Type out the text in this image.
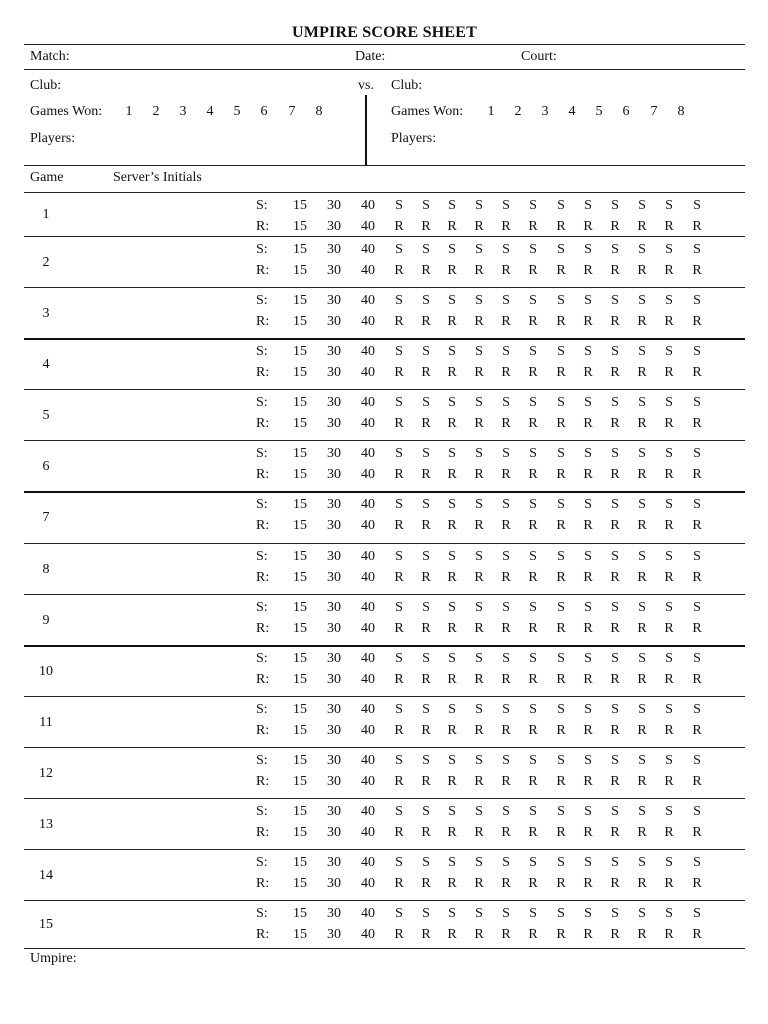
UMPIRE SCORE SHEET
Match:	Date:	Court:
Club:	vs. Club:
Games Won:	1	2	3	4	5	6	7	8	Games Won:	1	2	3	4	5	6	7	8
Players:	Players:
Game	Server’s Initials
1
S:	15	30	40	S S S S S S S S S S S S
R:	15	30	40	R R R R R R R R R R R R
2
S:	15	30	40	S S S S S S S S S S S S
R:	15	30	40	R R R R R R R R R R R R
3
S:	15	30	40	S S S S S S S S S S S S
R:	15	30	40	R R R R R R R R R R R R
4
S:	15	30	40	S S S S S S S S S S S S
R:	15	30	40	R R R R R R R R R R R R
5
S:	15	30	40	S S S S S S S S S S S S
R:	15	30	40	R R R R R R R R R R R R
6
S:	15	30	40	S S S S S S S S S S S S
R:	15	30	40	R R R R R R R R R R R R
7
S:	15	30	40	S S S S S S S S S S S S
R:	15	30	40	R R R R R R R R R R R R
8
S:	15	30	40	S S S S S S S S S S S S
R:	15	30	40	R R R R R R R R R R R R
9
S:	15	30	40	S S S S S S S S S S S S
R:	15	30	40	R R R R R R R R R R R R
10
S:	15	30	40	S S S S S S S S S S S S
R:	15	30	40	R R R R R R R R R R R R
11
S:	15	30	40	S S S S S S S S S S S S
R:	15	30	40	R R R R R R R R R R R R
12
S:	15	30	40	S S S S S S S S S S S S
R:	15	30	40	R R R R R R R R R R R R
13
S:	15	30	40	S S S S S S S S S S S S
R:	15	30	40	R R R R R R R R R R R R
14
S:	15	30	40	S S S S S S S S S S S S
R:	15	30	40	R R R R R R R R R R R R
15
S:	15	30	40	S S S S S S S S S S S S
R:	15	30	40	R R R R R R R R R R R R
Umpire:
